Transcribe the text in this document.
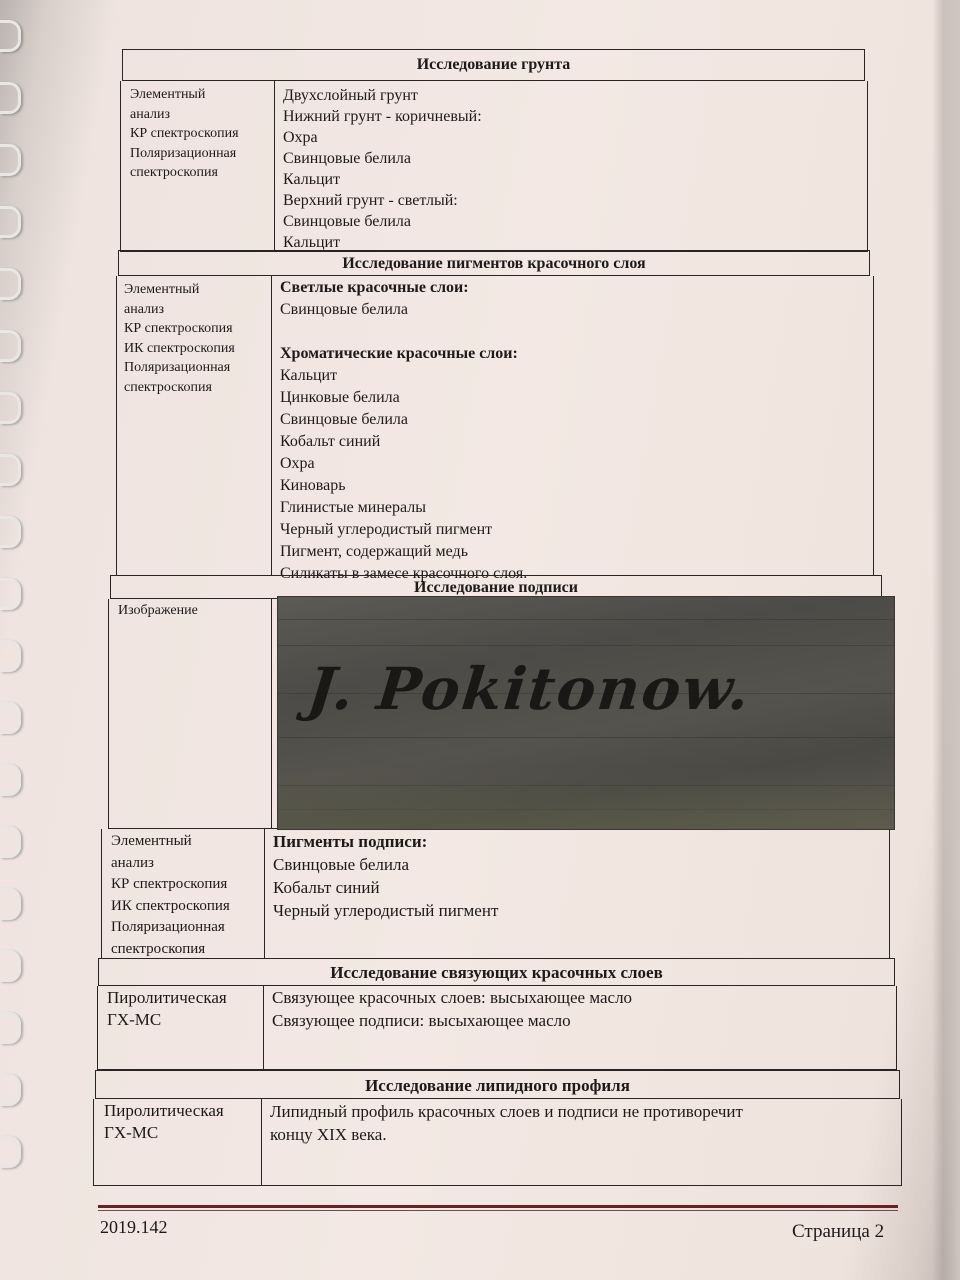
Исследование грунта
Элементный
анализ
КР спектроскопия
Поляризационная
спектроскопия
Двухслойный грунт
Нижний грунт - коричневый:
Охра
Свинцовые белила
Кальцит
Верхний грунт - светлый:
Свинцовые белила
Кальцит
Исследование пигментов красочного слоя
Элементный
анализ
КР спектроскопия
ИК спектроскопия
Поляризационная
спектроскопия
Светлые красочные слои:
Свинцовые белила
Хроматические красочные слои:
Кальцит
Цинковые белила
Свинцовые белила
Кобальт синий
Охра
Киноварь
Глинистые минералы
Черный углеродистый пигмент
Пигмент, содержащий медь
Силикаты в замесе красочного слоя.
Исследование подписи
Изображение
J. Pokitonow.
Элементный
анализ
КР спектроскопия
ИК спектроскопия
Поляризационная
спектроскопия
Пигменты подписи:
Свинцовые белила
Кобальт синий
Черный углеродистый пигмент
Исследование связующих красочных слоев
Пиролитическая
ГХ-МС
Связующее красочных слоев: высыхающее масло
Связующее подписи: высыхающее масло
Исследование липидного профиля
Пиролитическая
ГХ-МС
Липидный профиль красочных слоев и подписи не противоречит
концу XIX века.
2019.142	Страница 2
